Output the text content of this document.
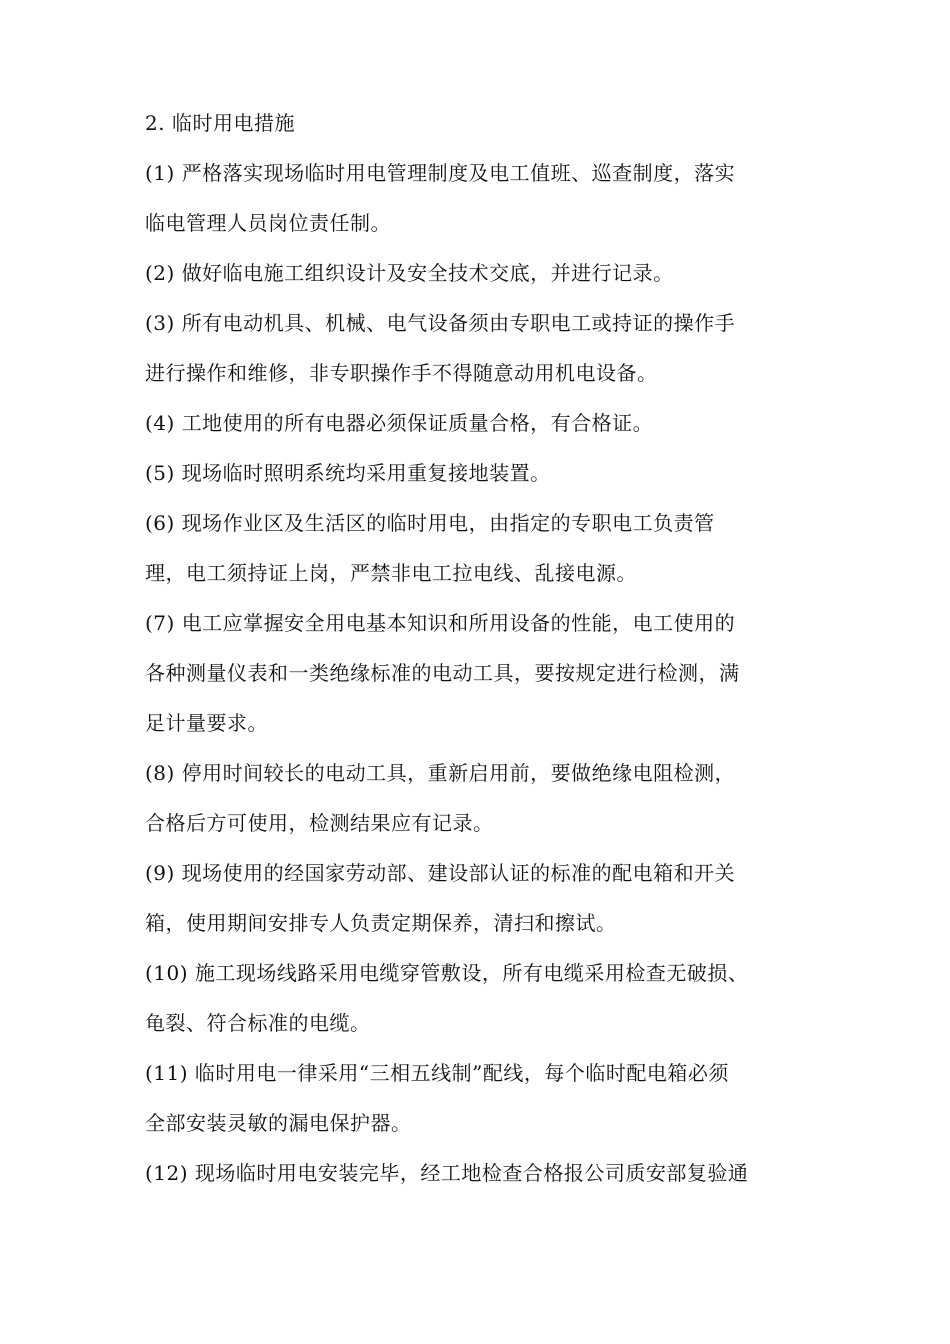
2. 临时用电措施
(1) 严格落实现场临时用电管理制度及电工值班、巡查制度，落实
临电管理人员岗位责任制。
(2) 做好临电施工组织设计及安全技术交底，并进行记录。
(3) 所有电动机具、机械、电气设备须由专职电工或持证的操作手
进行操作和维修，非专职操作手不得随意动用机电设备。
(4) 工地使用的所有电器必须保证质量合格，有合格证。
(5) 现场临时照明系统均采用重复接地装置。
(6) 现场作业区及生活区的临时用电，由指定的专职电工负责管
理，电工须持证上岗，严禁非电工拉电线、乱接电源。
(7) 电工应掌握安全用电基本知识和所用设备的性能，电工使用的
各种测量仪表和一类绝缘标准的电动工具，要按规定进行检测，满
足计量要求。
(8) 停用时间较长的电动工具，重新启用前，要做绝缘电阻检测，
合格后方可使用，检测结果应有记录。
(9) 现场使用的经国家劳动部、建设部认证的标准的配电箱和开关
箱，使用期间安排专人负责定期保养，清扫和擦试。
(10) 施工现场线路采用电缆穿管敷设，所有电缆采用检查无破损、
龟裂、符合标准的电缆。
(11) 临时用电一律采用“三相五线制”配线，每个临时配电箱必须
全部安装灵敏的漏电保护器。
(12) 现场临时用电安装完毕，经工地检查合格报公司质安部复验通
